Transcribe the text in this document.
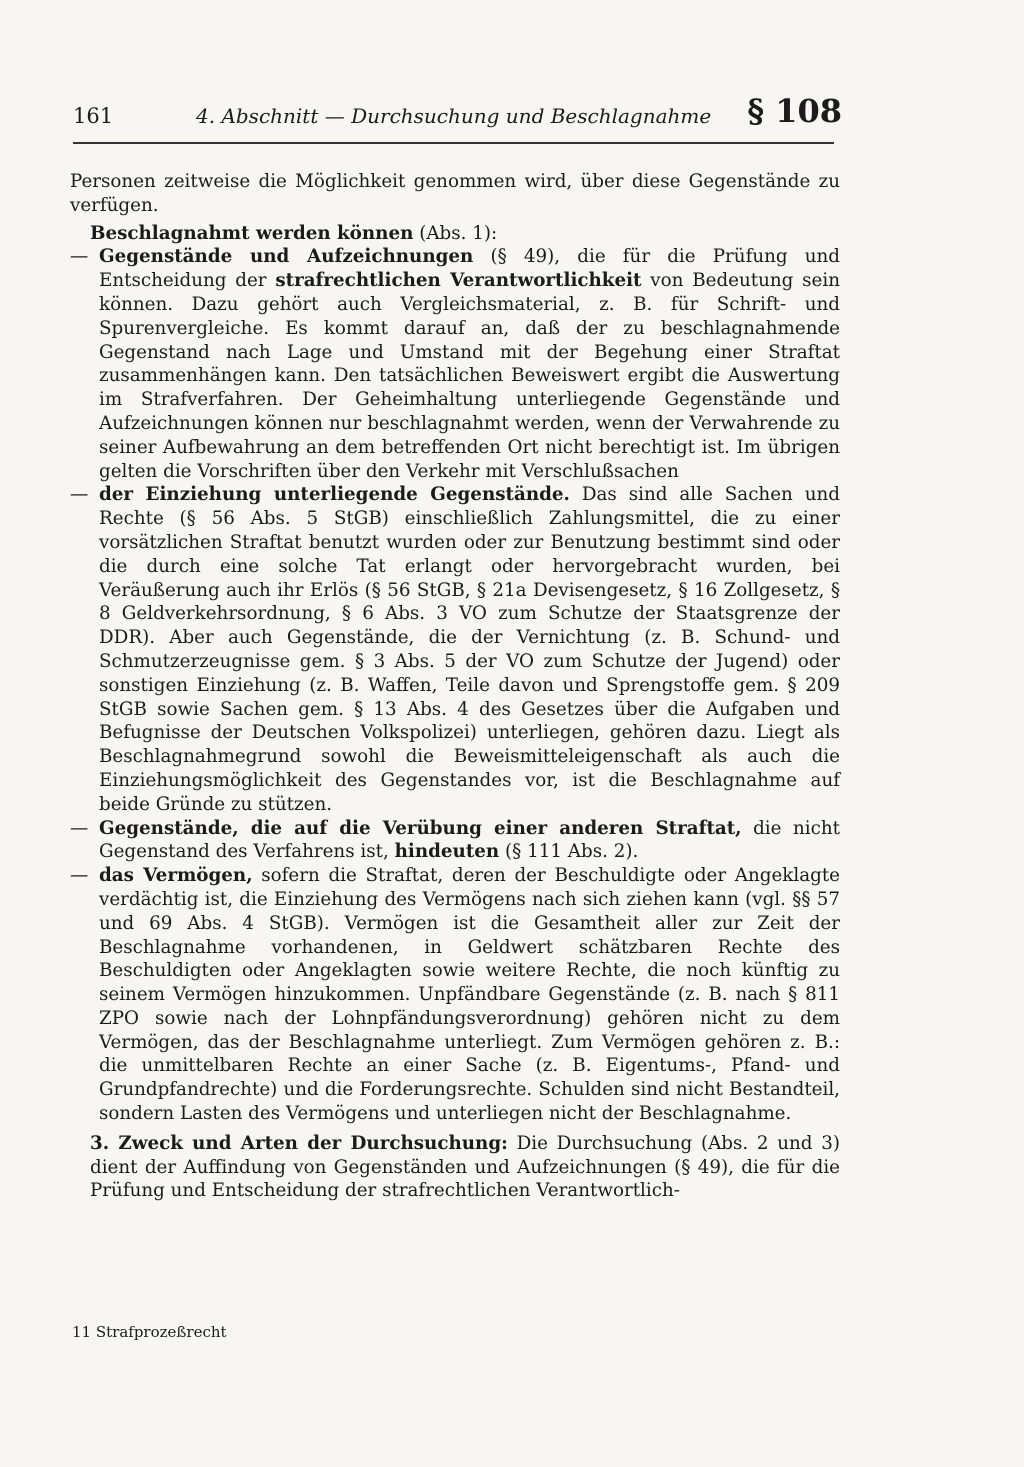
161	4. Abschnitt — Durchsuchung und Beschlagnahme § 108

Personen zeitweise die Möglichkeit genommen wird, über diese Gegenstände zu verfügen.

Beschlagnahmt werden können (Abs. 1):

— Gegenstände und Aufzeichnungen (§ 49), die für die Prüfung und Entscheidung der strafrechtlichen Verantwortlichkeit von Bedeutung sein können. Dazu gehört auch Vergleichsmaterial, z. B. für Schrift- und Spurenvergleiche. Es kommt darauf an, daß der zu beschlagnahmende Gegenstand nach Lage und Umstand mit der Begehung einer Straftat zusammenhängen kann. Den tatsächlichen Beweiswert ergibt die Auswertung im Strafverfahren. Der Geheimhaltung unterliegende Gegenstände und Aufzeichnungen können nur beschlagnahmt werden, wenn der Verwahrende zu seiner Aufbewahrung an dem betreffenden Ort nicht berechtigt ist. Im übrigen gelten die Vorschriften über den Verkehr mit Verschlußsachen

— der Einziehung unterliegende Gegenstände. Das sind alle Sachen und Rechte (§ 56 Abs. 5 StGB) einschließlich Zahlungsmittel, die zu einer vorsätzlichen Straftat benutzt wurden oder zur Benutzung bestimmt sind oder die durch eine solche Tat erlangt oder hervorgebracht wurden, bei Veräußerung auch ihr Erlös (§ 56 StGB, § 21a Devisengesetz, § 16 Zollgesetz, § 8 Geldverkehrsordnung, § 6 Abs. 3 VO zum Schutze der Staatsgrenze der DDR). Aber auch Gegenstände, die der Vernichtung (z. B. Schund- und Schmutzerzeugnisse gem. § 3 Abs. 5 der VO zum Schutze der Jugend) oder sonstigen Einziehung (z. B. Waffen, Teile davon und Sprengstoffe gem. § 209 StGB sowie Sachen gem. § 13 Abs. 4 des Gesetzes über die Aufgaben und Befugnisse der Deutschen Volkspolizei) unterliegen, gehören dazu. Liegt als Beschlagnahmegrund sowohl die Beweismitteleigenschaft als auch die Einziehungsmöglichkeit des Gegenstandes vor, ist die Beschlagnahme auf beide Gründe zu stützen.

— Gegenstände, die auf die Verübung einer anderen Straftat, die nicht Gegenstand des Verfahrens ist, hindeuten (§ 111 Abs. 2).

— das Vermögen, sofern die Straftat, deren der Beschuldigte oder Angeklagte verdächtig ist, die Einziehung des Vermögens nach sich ziehen kann (vgl. §§ 57 und 69 Abs. 4 StGB). Vermögen ist die Gesamtheit aller zur Zeit der Beschlagnahme vorhandenen, in Geldwert schätzbaren Rechte des Beschuldigten oder Angeklagten sowie weitere Rechte, die noch künftig zu seinem Vermögen hinzukommen. Unpfändbare Gegenstände (z. B. nach § 811 ZPO sowie nach der Lohnpfändungsverordnung) gehören nicht zu dem Vermögen, das der Beschlagnahme unterliegt. Zum Vermögen gehören z. B.: die unmittelbaren Rechte an einer Sache (z. B. Eigentums-, Pfand- und Grundpfandrechte) und die Forderungsrechte. Schulden sind nicht Bestandteil, sondern Lasten des Vermögens und unterliegen nicht der Beschlagnahme.

3. Zweck und Arten der Durchsuchung: Die Durchsuchung (Abs. 2 und 3) dient der Auffindung von Gegenständen und Aufzeichnungen (§ 49), die für die Prüfung und Entscheidung der strafrechtlichen Verantwortlich-

11 Strafprozeßrecht
